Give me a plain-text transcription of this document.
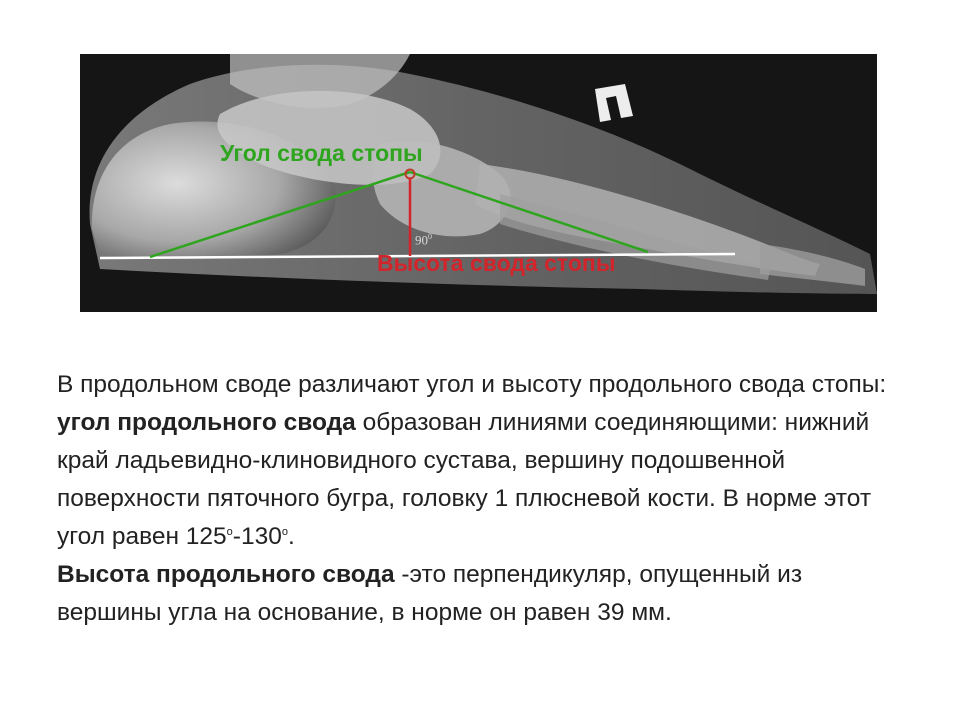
Угол свода стопы
$90^0$
Высота свода стопы

В продольном своде различают угол и высоту продольного свода стопы: угол продольного свода образован линиями соединяющими: нижний край ладьевидно-клиновидного сустава, вершину подошвенной поверхности пяточного бугра, головку 1 плюсневой кости. В норме этот угол равен $125^о-130^о$.

Высота продольного свода -это перпендикуляр, опущенный из вершины угла на основание, в норме он равен 39 мм.
